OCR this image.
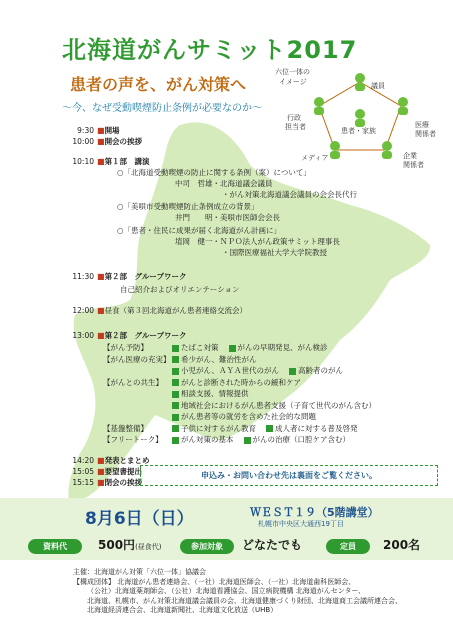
北海道がんサミット2017
患者の声を、がん対策へ
〜今、なぜ受動喫煙防止条例が必要なのか〜
六位一体の
イメージ	議員
行政
担当者	患者・家族
医療
関係者
メディア	企業
関係者
9:30 ■開場
10:00 ■開会の挨拶
10:10 ■第１部　講演
○「北海道受動喫煙の防止に関する条例（案）について」
中司　哲雄・北海道議会議員
・がん対策北海道議会議員の会会長代行
○「美唄市受動喫煙防止条例成立の背景」
井門　　明・美唄市医師会会長
○「患者・住民に成果が届く北海道がん計画に」
埴岡　健一・ＮＰＯ法人がん政策サミット理事長
・国際医療福祉大学大学院教授
11:30 ■第２部　グループワーク
自己紹介およびオリエンテーション
12:00 ■昼食（第３回北海道がん患者連絡交流会）
13:00 ■第２部　グループワーク
【がん予防】	たばこ対策	がんの早期発見、がん検診
【がん医療の充実】	希少がん、難治性がん
小児がん、ＡＹＡ世代のがん	高齢者のがん
【がんとの共生】	がんと診断された時からの緩和ケア
相談支援、情報提供
地域社会におけるがん患者支援（子育て世代のがん含む）
がん患者等の就労を含めた社会的な問題
【基盤整備】	子供に対するがん教育	成人者に対する普及啓発
【フリートーク】	がん対策の基本	がんの治療（口腔ケア含む）
14:20 ■発表とまとめ
15:05 ■要望書提出
15:15 ■閉会の挨拶
申込み・お問い合わせ先は裏面をご覧ください。
8月6日（日）	ＷＥＳＴ１９（5階講堂）
札幌市中央区大通西19丁目
資料代	500円(昼食代)	参加対象	どなたでも	定員	200名
主催：北海道がん対策「六位一体」協議会
【構成団体】 北海道がん患者連絡会、（一社）北海道医師会、（一社）北海道歯科医師会、
（公社）北海道薬剤師会、（公社）北海道看護協会、国立病院機構 北海道がんセンター、
北海道、札幌市、がん対策北海道議会議員の会、北海道健康づくり財団、北海道商工会議所連合会、
北海道経済連合会、北海道新聞社、北海道文化放送（UHB）
